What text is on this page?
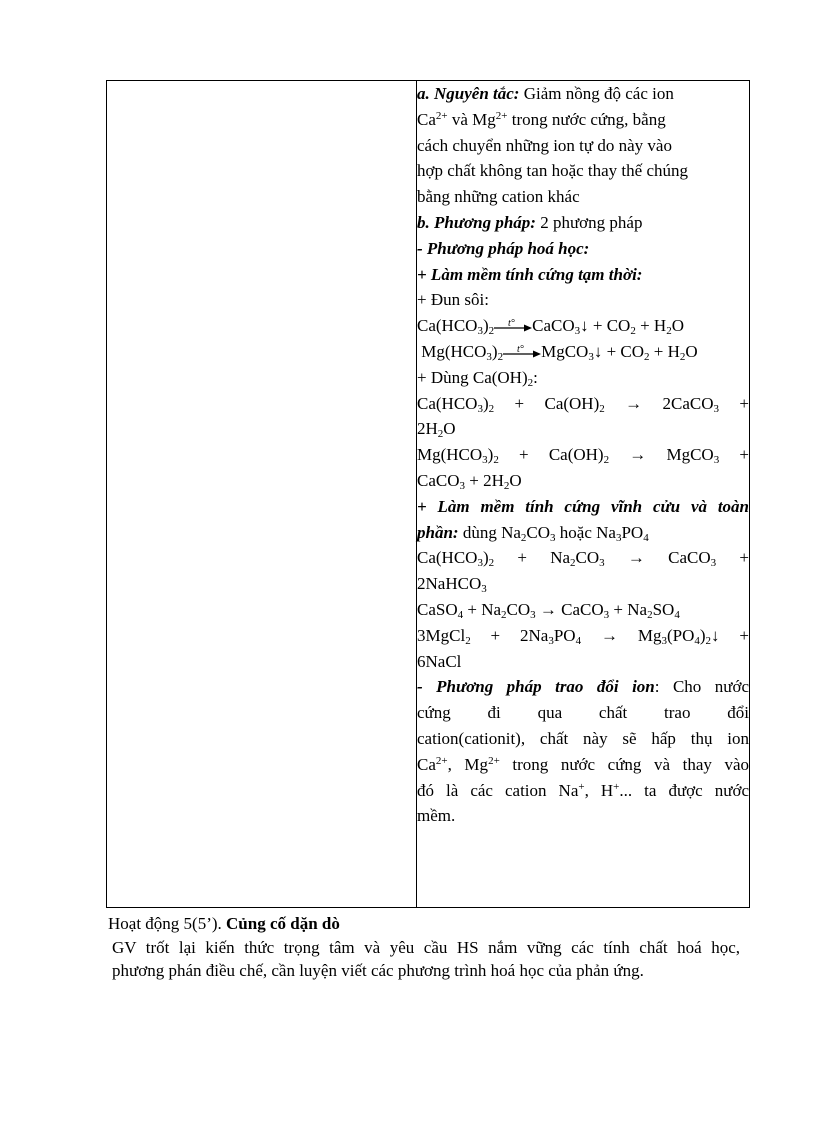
a. Nguyên tắc: Giảm nồng độ các ion
$Ca^{2+}$ và $Mg^{2+}$ trong nước cứng, bằng
cách chuyển những ion tự do này vào
hợp chất không tan hoặc thay thế chúng
bằng những cation khác
b. Phương pháp: 2 phương pháp
- Phương pháp hoá học:
+ Làm mềm tính cứng tạm thời:
+ Đun sôi:
$Ca(HCO_3)_2$
t° CaCO$_3$↓ + $CO_2 + H_2O$
$Mg(HCO_3)_2$
t° MgCO$_3$↓ + $CO_2 + H_2O$
+ Dùng $Ca(OH)_2$:
$Ca(HCO_3)_2 + Ca(OH)_2$ → 2CaCO$_3$ +
$2H_2O$
$Mg(HCO_3)_2 + Ca(OH)_2$ → MgCO$_3$ +
CaCO$_3$ + $2H_2O$
+ Làm mềm tính cứng vĩnh cửu và toàn
phần: dùng $Na_2CO_3$ hoặc $Na_3PO_4$
$Ca(HCO_3)_2 + Na_2CO_3$ → CaCO$_3$ +
2NaHCO$_3$
CaSO$_4$ + $Na_2CO_3$ → CaCO$_3$ + $Na_2SO_4$
3MgCl$_2$ + $2Na_3PO_4$ → $Mg_3(PO_4)_2↓$ +
6NaCl
- Phương pháp trao đổi ion: Cho nước
cứng đi qua chất trao đổi
cation(cationit), chất này sẽ hấp thụ ion
$Ca^{2+}$, $Mg^{2+}$ trong nước cứng và thay vào
đó là các cation Na+, H+... ta được nước
mềm.
Hoạt động 5(5’). Củng cố dặn dò
GV trốt lại kiến thức trọng tâm và yêu cầu HS nắm vững các tính chất hoá học,
phương phán điều chế, cần luyện viết các phương trình hoá học của phản ứng.
